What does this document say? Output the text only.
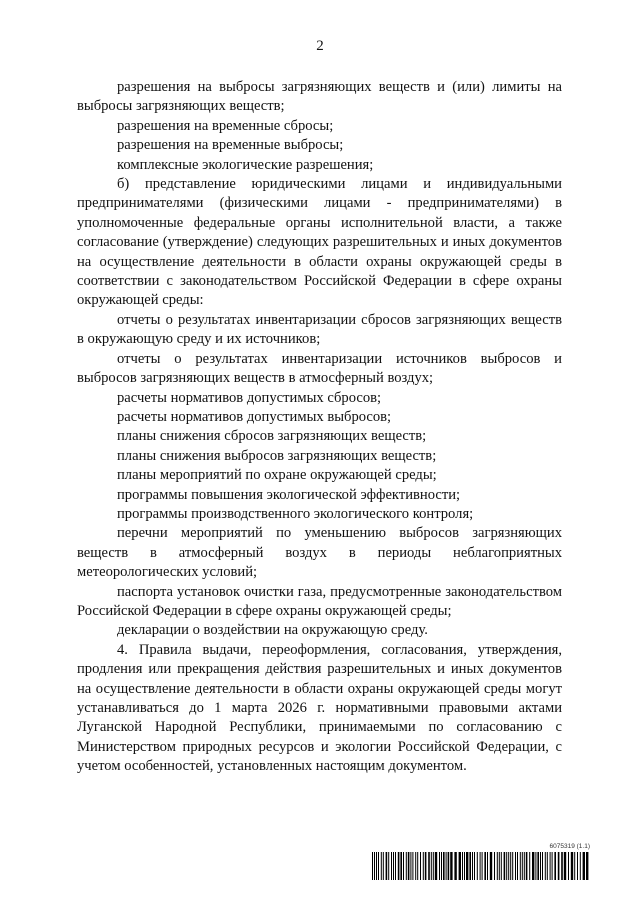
2

разрешения на выбросы загрязняющих веществ и (или) лимиты на выбросы загрязняющих веществ;

разрешения на временные сбросы;

разрешения на временные выбросы;

комплексные экологические разрешения;

б) представление юридическими лицами и индивидуальными предпринимателями (физическими лицами - предпринимателями) в уполномоченные федеральные органы исполнительной власти, а также согласование (утверждение) следующих разрешительных и иных документов на осуществление деятельности в области охраны окружающей среды в соответствии с законодательством Российской Федерации в сфере охраны окружающей среды:

отчеты о результатах инвентаризации сбросов загрязняющих веществ в окружающую среду и их источников;

отчеты о результатах инвентаризации источников выбросов и выбросов загрязняющих веществ в атмосферный воздух;

расчеты нормативов допустимых сбросов;

расчеты нормативов допустимых выбросов;

планы снижения сбросов загрязняющих веществ;

планы снижения выбросов загрязняющих веществ;

планы мероприятий по охране окружающей среды;

программы повышения экологической эффективности;

программы производственного экологического контроля;

перечни мероприятий по уменьшению выбросов загрязняющих веществ в атмосферный воздух в периоды неблагоприятных метеорологических условий;

паспорта установок очистки газа, предусмотренные законодательством Российской Федерации в сфере охраны окружающей среды;

декларации о воздействии на окружающую среду.

4. Правила выдачи, переоформления, согласования, утверждения, продления или прекращения действия разрешительных и иных документов на осуществление деятельности в области охраны окружающей среды могут устанавливаться до 1 марта 2026 г. нормативными правовыми актами Луганской Народной Республики, принимаемыми по согласованию с Министерством природных ресурсов и экологии Российской Федерации, с учетом особенностей, установленных настоящим документом.

6075319 (1.1)
